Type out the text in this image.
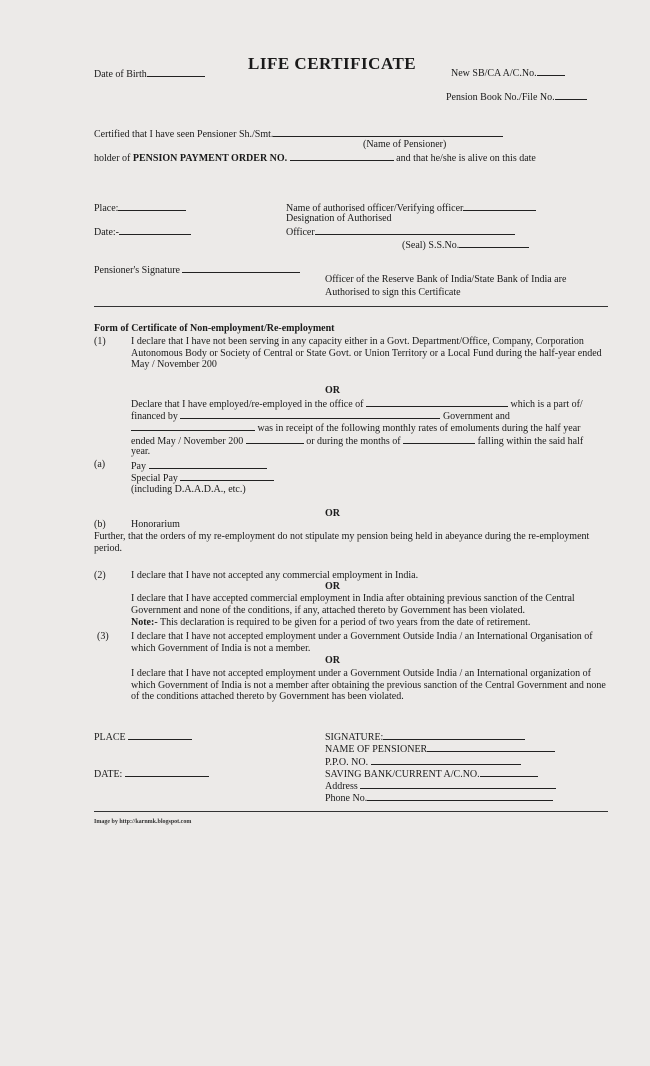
Date of Birth
LIFE CERTIFICATE
New SB/CA A/C.No.
Pension Book No./File No.
Certified that I have seen Pensioner Sh./Smt.
(Name of Pensioner)
holder of PENSION PAYMENT ORDER NO.	and that he/she is alive on this date
Place:
Date:-
Name of authorised officer/Verifying officer
Designation of Authorised
Officer
(Seal) S.S.No.
Pensioner's Signature
Officer of the Reserve Bank of India/State Bank of India are
Authorised to sign this Certificate
Form of Certificate of Non-employment/Re-employment
(1)	I declare that I have not been serving in any capacity either in a Govt. Department/Office, Company, Corporation Autonomous Body or Society of Central or State Govt. or Union Territory or a Local Fund during the half-year ended May / November 200
OR
Declare that I have employed/re-employed in the office of	which is a part of/
financed by	Government and
was in receipt of the following monthly rates of emoluments during the half year
ended May / November 200	or during the months of	falling within the said half
year.
(a)	Pay
Special Pay
(including D.A.A.D.A., etc.)
OR
(b)	Honorarium
Further, that the orders of my re-employment do not stipulate my pension being held in abeyance during the re-employment period.
(2)	I declare that I have not accepted any commercial employment in India.
OR
I declare that I have accepted commercial employment in India after obtaining previous sanction of the Central Government and none of the conditions, if any, attached thereto by Government has been violated.
Note:- This declaration is required to be given for a period of two years from the date of retirement.
(3) I declare that I have not accepted employment under a Government Outside India / an International Organisation of which Government of India is not a member.
OR
I declare that I have not accepted employment under a Government Outside India / an International organization of which Government of India is not a member after obtaining the previous sanction of the Central Government and none of the conditions attached thereto by Government has been violated.
PLACE
DATE:
SIGNATURE:
NAME OF PENSIONER
P.P.O. NO.
SAVING BANK/CURRENT A/C.NO.
Address
Phone No.
Image by http://karnmk.blogspot.com
